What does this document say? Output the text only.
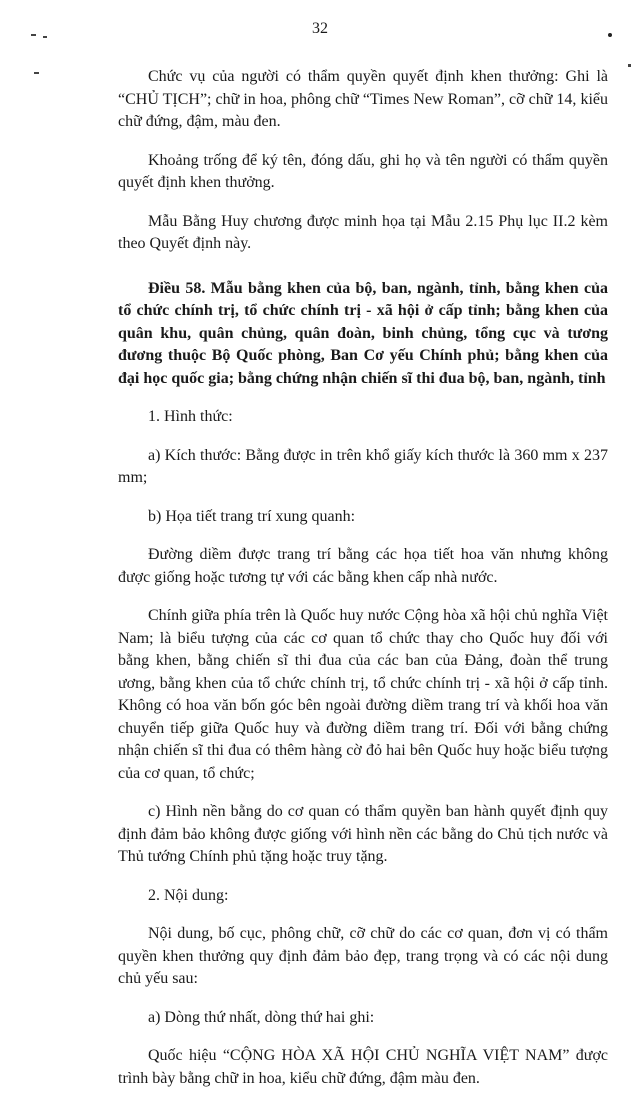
32

Chức vụ của người có thẩm quyền quyết định khen thưởng: Ghi là “CHỦ TỊCH”; chữ in hoa, phông chữ “Times New Roman”, cỡ chữ 14, kiểu chữ đứng, đậm, màu đen.

Khoảng trống để ký tên, đóng dấu, ghi họ và tên người có thẩm quyền quyết định khen thưởng.

Mẫu Bằng Huy chương được minh họa tại Mẫu 2.15 Phụ lục II.2 kèm theo Quyết định này.

Điều 58. Mẫu bằng khen của bộ, ban, ngành, tỉnh, bằng khen của tổ chức chính trị, tổ chức chính trị - xã hội ở cấp tỉnh; bằng khen của quân khu, quân chủng, quân đoàn, binh chủng, tổng cục và tương đương thuộc Bộ Quốc phòng, Ban Cơ yếu Chính phủ; bằng khen của đại học quốc gia; bằng chứng nhận chiến sĩ thi đua bộ, ban, ngành, tỉnh

1. Hình thức:

a) Kích thước: Bằng được in trên khổ giấy kích thước là 360 mm x 237 mm;

b) Họa tiết trang trí xung quanh:

Đường diềm được trang trí bằng các họa tiết hoa văn nhưng không được giống hoặc tương tự với các bằng khen cấp nhà nước.

Chính giữa phía trên là Quốc huy nước Cộng hòa xã hội chủ nghĩa Việt Nam; là biểu tượng của các cơ quan tổ chức thay cho Quốc huy đối với bằng khen, bằng chiến sĩ thi đua của các ban của Đảng, đoàn thể trung ương, bằng khen của tổ chức chính trị, tổ chức chính trị - xã hội ở cấp tỉnh. Không có hoa văn bốn góc bên ngoài đường diềm trang trí và khối hoa văn chuyển tiếp giữa Quốc huy và đường diềm trang trí. Đối với bằng chứng nhận chiến sĩ thi đua có thêm hàng cờ đỏ hai bên Quốc huy hoặc biểu tượng của cơ quan, tổ chức;

c) Hình nền bằng do cơ quan có thẩm quyền ban hành quyết định quy định đảm bảo không được giống với hình nền các bằng do Chủ tịch nước và Thủ tướng Chính phủ tặng hoặc truy tặng.

2. Nội dung:

Nội dung, bố cục, phông chữ, cỡ chữ do các cơ quan, đơn vị có thẩm quyền khen thưởng quy định đảm bảo đẹp, trang trọng và có các nội dung chủ yếu sau:

a) Dòng thứ nhất, dòng thứ hai ghi:

Quốc hiệu “CỘNG HÒA XÃ HỘI CHỦ NGHĨA VIỆT NAM” được trình bày bằng chữ in hoa, kiểu chữ đứng, đậm màu đen.
